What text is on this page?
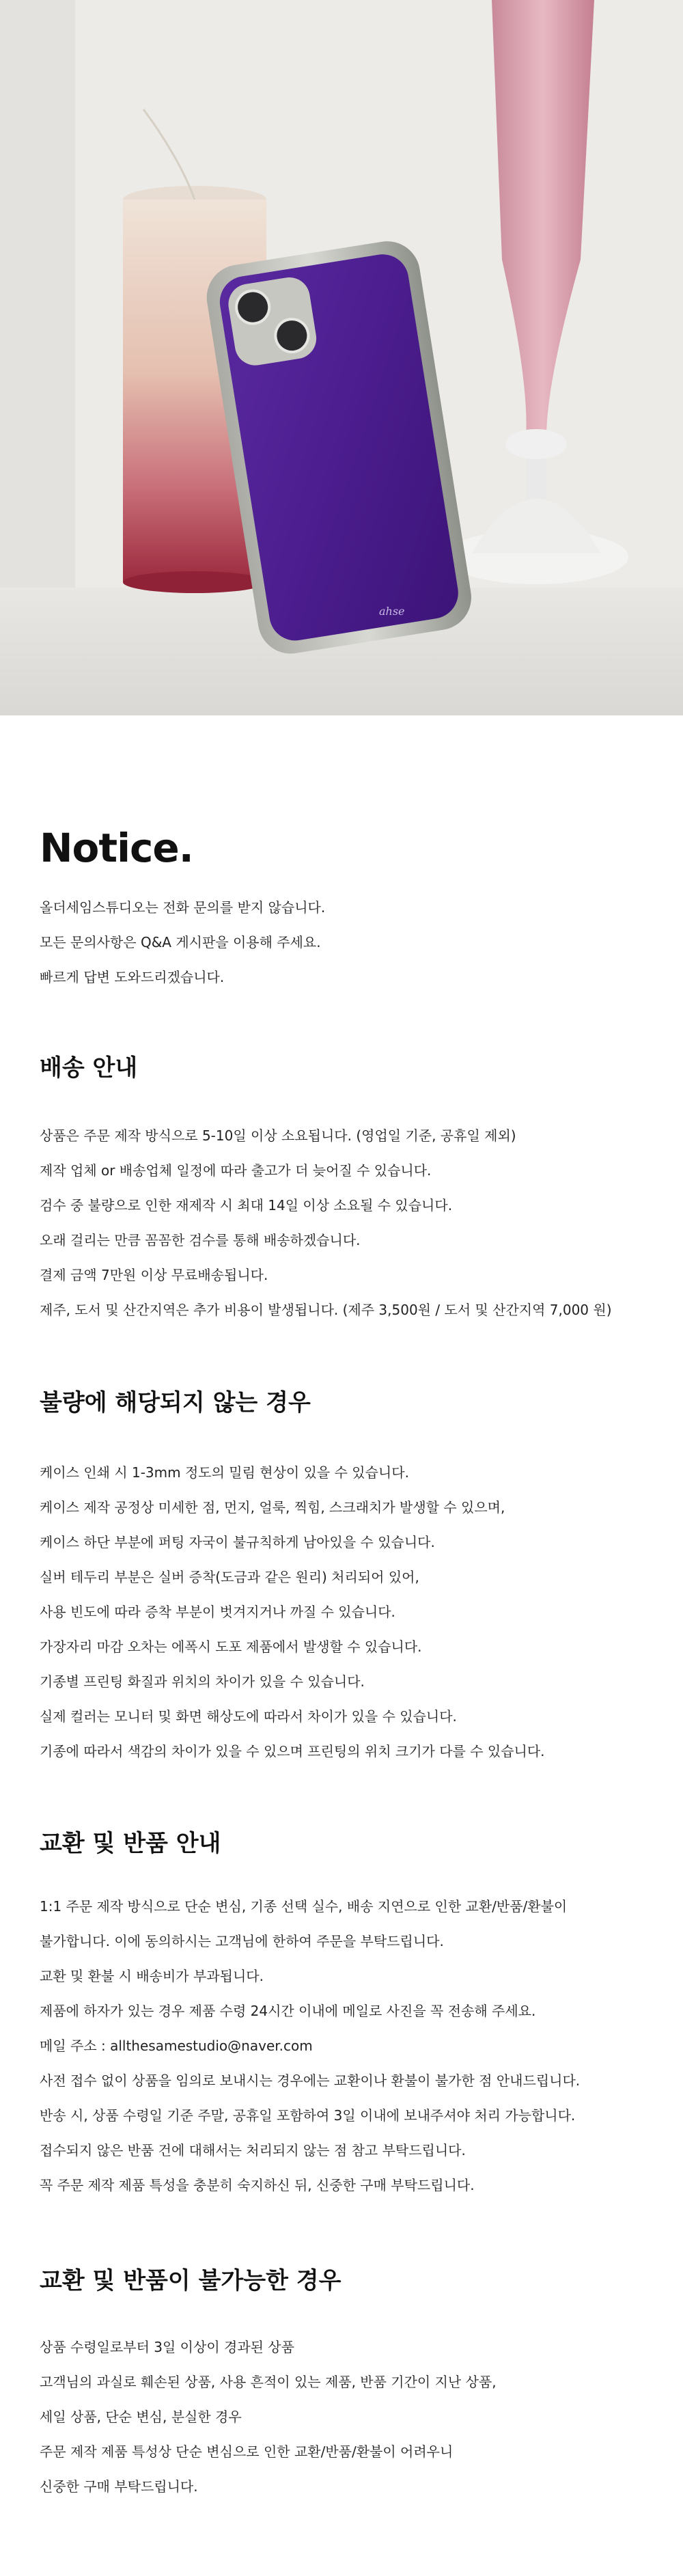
ahse
Notice.
올더세임스튜디오는 전화 문의를 받지 않습니다.
모든 문의사항은 Q&A 게시판을 이용해 주세요.
빠르게 답변 도와드리겠습니다.
배송 안내
상품은 주문 제작 방식으로 5-10일 이상 소요됩니다. (영업일 기준, 공휴일 제외)
제작 업체 or 배송업체 일정에 따라 출고가 더 늦어질 수 있습니다.
검수 중 불량으로 인한 재제작 시 최대 14일 이상 소요될 수 있습니다.
오래 걸리는 만큼 꼼꼼한 검수를 통해 배송하겠습니다.
결제 금액 7만원 이상 무료배송됩니다.
제주, 도서 및 산간지역은 추가 비용이 발생됩니다. (제주 3,500원 / 도서 및 산간지역 7,000 원)
불량에 해당되지 않는 경우
케이스 인쇄 시 1-3mm 정도의 밀림 현상이 있을 수 있습니다.
케이스 제작 공정상 미세한 점, 먼지, 얼룩, 찍힘, 스크래치가 발생할 수 있으며,
케이스 하단 부분에 퍼팅 자국이 불규칙하게 남아있을 수 있습니다.
실버 테두리 부분은 실버 증착(도금과 같은 원리) 처리되어 있어,
사용 빈도에 따라 증착 부분이 벗겨지거나 까질 수 있습니다.
가장자리 마감 오차는 에폭시 도포 제품에서 발생할 수 있습니다.
기종별 프린팅 화질과 위치의 차이가 있을 수 있습니다.
실제 컬러는 모니터 및 화면 해상도에 따라서 차이가 있을 수 있습니다.
기종에 따라서 색감의 차이가 있을 수 있으며 프린팅의 위치 크기가 다를 수 있습니다.
교환 및 반품 안내
1:1 주문 제작 방식으로 단순 변심, 기종 선택 실수, 배송 지연으로 인한 교환/반품/환불이
불가합니다. 이에 동의하시는 고객님에 한하여 주문을 부탁드립니다.
교환 및 환불 시 배송비가 부과됩니다.
제품에 하자가 있는 경우 제품 수령 24시간 이내에 메일로 사진을 꼭 전송해 주세요.
메일 주소 : allthesamestudio@naver.com
사전 접수 없이 상품을 임의로 보내시는 경우에는 교환이나 환불이 불가한 점 안내드립니다.
반송 시, 상품 수령일 기준 주말, 공휴일 포함하여 3일 이내에 보내주셔야 처리 가능합니다.
접수되지 않은 반품 건에 대해서는 처리되지 않는 점 참고 부탁드립니다.
꼭 주문 제작 제품 특성을 충분히 숙지하신 뒤, 신중한 구매 부탁드립니다.
교환 및 반품이 불가능한 경우
상품 수령일로부터 3일 이상이 경과된 상품
고객님의 과실로 훼손된 상품, 사용 흔적이 있는 제품, 반품 기간이 지난 상품,
세일 상품, 단순 변심, 분실한 경우
주문 제작 제품 특성상 단순 변심으로 인한 교환/반품/환불이 어려우니
신중한 구매 부탁드립니다.
